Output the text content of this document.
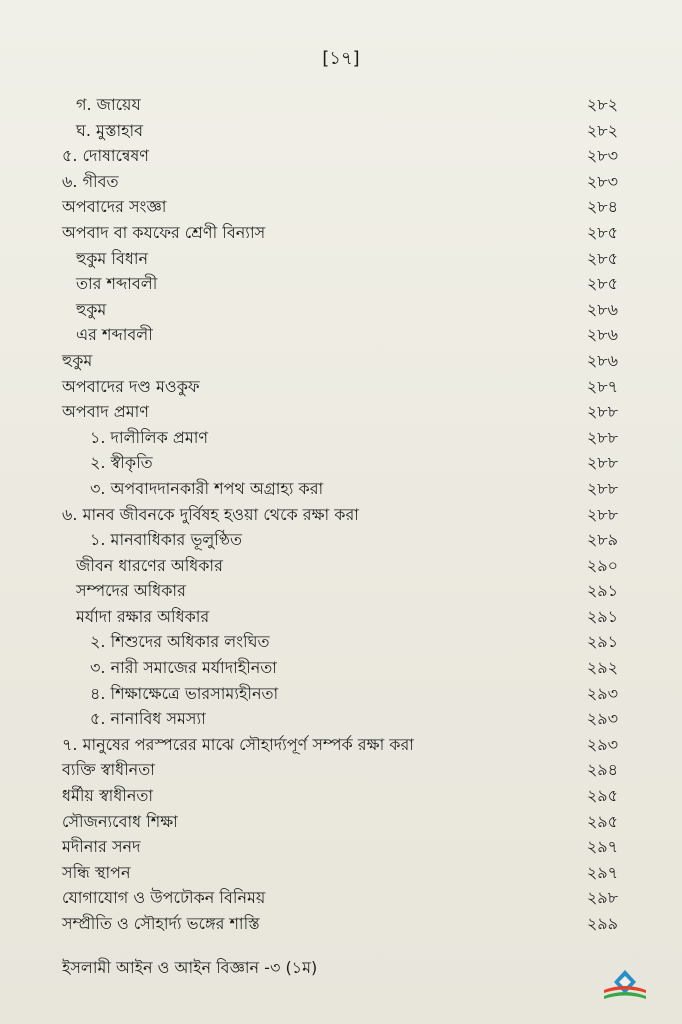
[১৭]
গ. জায়েয	২৮২
ঘ. মুস্তাহাব	২৮২
৫. দোষান্বেষণ	২৮৩
৬. গীবত	২৮৩
অপবাদের সংজ্ঞা	২৮৪
অপবাদ বা কযফের শ্রেণী বিন্যাস	২৮৫
হুকুম বিধান	২৮৫
তার শব্দাবলী	২৮৫
হুকুম	২৮৬
এর শব্দাবলী	২৮৬
হুকুম	২৮৬
অপবাদের দণ্ড মওকুফ	২৮৭
অপবাদ প্রমাণ	২৮৮
১. দালীলিক প্রমাণ	২৮৮
২. স্বীকৃতি	২৮৮
৩. অপবাদদানকারী শপথ অগ্রাহ্য করা	২৮৮
৬. মানব জীবনকে দুর্বিষহ হওয়া থেকে রক্ষা করা	২৮৮
১. মানবাধিকার ভূলুণ্ঠিত	২৮৯
জীবন ধারণের অধিকার	২৯০
সম্পদের অধিকার	২৯১
মর্যাদা রক্ষার অধিকার	২৯১
২. শিশুদের অধিকার লংঘিত	২৯১
৩. নারী সমাজের মর্যাদাহীনতা	২৯২
৪. শিক্ষাক্ষেত্রে ভারসাম্যহীনতা	২৯৩
৫. নানাবিধ সমস্যা	২৯৩
৭. মানুষের পরস্পরের মাঝে সৌহার্দ্যপূর্ণ সম্পর্ক রক্ষা করা	২৯৩
ব্যক্তি স্বাধীনতা	২৯৪
ধর্মীয় স্বাধীনতা	২৯৫
সৌজন্যবোধ শিক্ষা	২৯৫
মদীনার সনদ	২৯৭
সন্ধি স্থাপন	২৯৭
যোগাযোগ ও উপঢৌকন বিনিময়	২৯৮
সম্প্রীতি ও সৌহার্দ্য ভঙ্গের শাস্তি	২৯৯
ইসলামী আইন ও আইন বিজ্ঞান -৩ (১ম)
